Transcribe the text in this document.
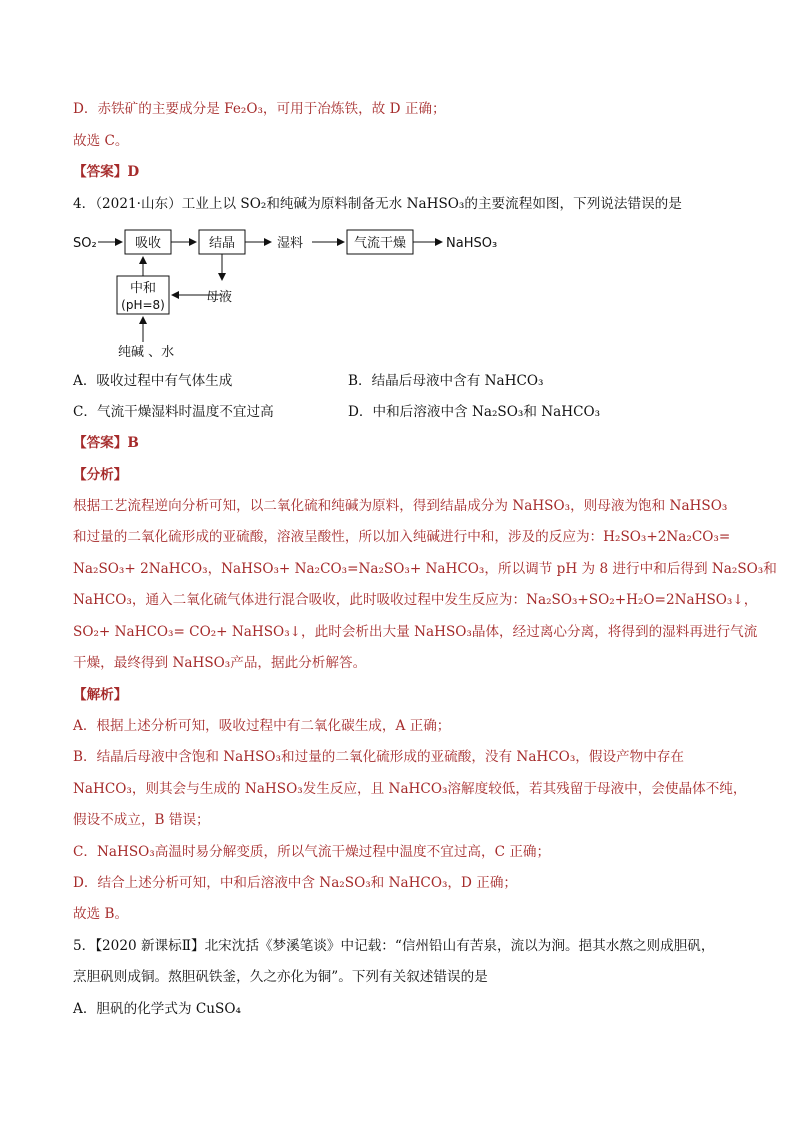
D．赤铁矿的主要成分是 Fe₂O₃，可用于冶炼铁，故 D 正确；
故选 C。
【答案】D
4．（2021·山东）工业上以 SO₂和纯碱为原料制备无水 NaHSO₃的主要流程如图，下列说法错误的是
SO₂	吸收	结晶	湿料	气流干燥	NaHSO₃
中和
(pH=8)	母液
纯碱 、水
A．吸收过程中有气体生成	B．结晶后母液中含有 NaHCO₃
C．气流干燥湿料时温度不宜过高	D．中和后溶液中含 Na₂SO₃和 NaHCO₃
【答案】B
【分析】
根据工艺流程逆向分析可知，以二氧化硫和纯碱为原料，得到结晶成分为 NaHSO₃，则母液为饱和 NaHSO₃
和过量的二氧化硫形成的亚硫酸，溶液呈酸性，所以加入纯碱进行中和，涉及的反应为：H₂SO₃+2Na₂CO₃=
Na₂SO₃+ 2NaHCO₃，NaHSO₃+ Na₂CO₃=Na₂SO₃+ NaHCO₃，所以调节 pH 为 8 进行中和后得到 Na₂SO₃和
NaHCO₃，通入二氧化硫气体进行混合吸收，此时吸收过程中发生反应为：Na₂SO₃+SO₂+H₂O=2NaHSO₃↓，
SO₂+ NaHCO₃= CO₂+ NaHSO₃↓，此时会析出大量 NaHSO₃晶体，经过离心分离，将得到的湿料再进行气流
干燥，最终得到 NaHSO₃产品，据此分析解答。
【解析】
A．根据上述分析可知，吸收过程中有二氧化碳生成，A 正确；
B．结晶后母液中含饱和 NaHSO₃和过量的二氧化硫形成的亚硫酸，没有 NaHCO₃，假设产物中存在
NaHCO₃，则其会与生成的 NaHSO₃发生反应，且 NaHCO₃溶解度较低，若其残留于母液中，会使晶体不纯，
假设不成立，B 错误；
C．NaHSO₃高温时易分解变质，所以气流干燥过程中温度不宜过高，C 正确；
D．结合上述分析可知，中和后溶液中含 Na₂SO₃和 NaHCO₃，D 正确；
故选 B。
5．【2020 新课标Ⅱ】北宋沈括《梦溪笔谈》中记载：“信州铅山有苦泉，流以为涧。挹其水熬之则成胆矾，
烹胆矾则成铜。熬胆矾铁釜，久之亦化为铜”。下列有关叙述错误的是
A．胆矾的化学式为 CuSO₄
